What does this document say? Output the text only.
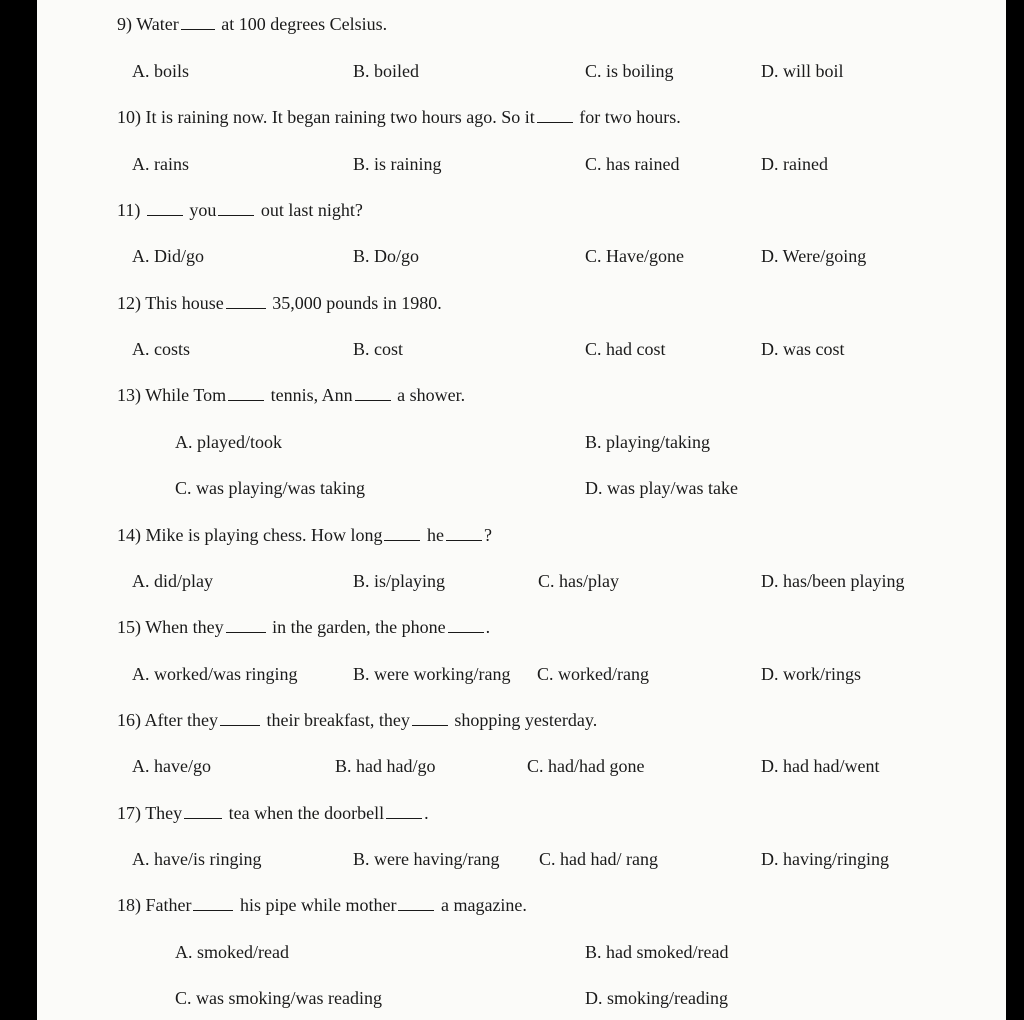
9) Water at 100 degrees Celsius.
A. boils	B. boiled	C. is boiling	D. will boil
10) It is raining now. It began raining two hours ago. So it for two hours.
A. rains	B. is raining	C. has rained	D. rained
11)	you out last night?
A. Did/go	B. Do/go	C. Have/gone	D. Were/going
12) This house	35,000 pounds in 1980.
A. costs	B. cost	C. had cost	D. was cost
13) While Tom tennis, Ann a shower.
A. played/took	B. playing/taking
C. was playing/was taking	D. was play/was take
14) Mike is playing chess. How long he ?
A. did/play	B. is/playing	C. has/play	D. has/been playing
15) When they	in the garden, the phone .
A. worked/was ringing	B. were working/rang C. worked/rang	D. work/rings
16) After they	their breakfast, they shopping yesterday.
A. have/go	B. had had/go	C. had/had gone	D. had had/went
17) They	tea when the doorbell .
A. have/is ringing	B. were having/rang C. had had/ rang	D. having/ringing
18) Father	his pipe while mother a magazine.
A. smoked/read	B. had smoked/read
C. was smoking/was reading	D. smoking/reading
